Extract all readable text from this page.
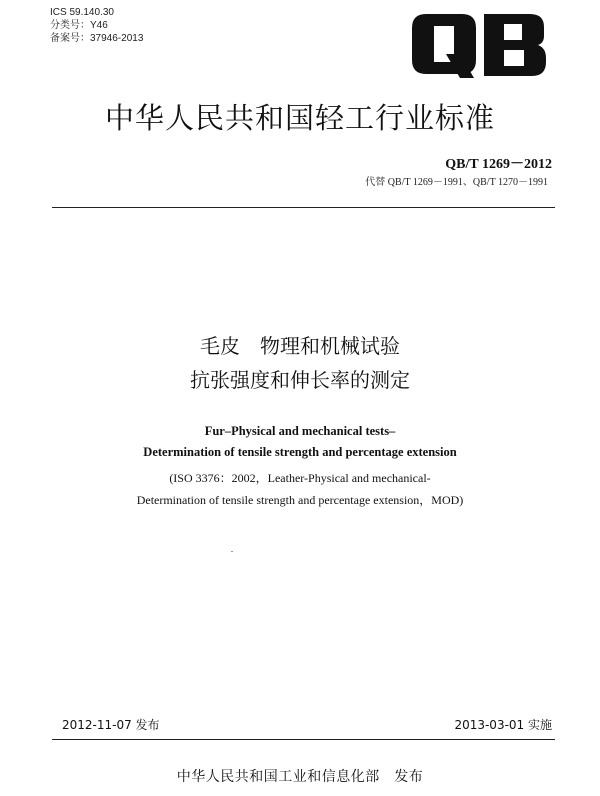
ICS 59.140.30
分类号：Y46
备案号：37946-2013
中华人民共和国轻工行业标准
QB/T 1269－2012
代替 QB/T 1269－1991、QB/T 1270－1991
毛皮　物理和机械试验
抗张强度和伸长率的测定
Fur–Physical and mechanical tests–
Determination of tensile strength and percentage extension
(ISO 3376：2002，Leather-Physical and mechanical-
Determination of tensile strength and percentage extension，MOD)
2012-11-07 发布	2013-03-01 实施
中华人民共和国工业和信息化部　发布
